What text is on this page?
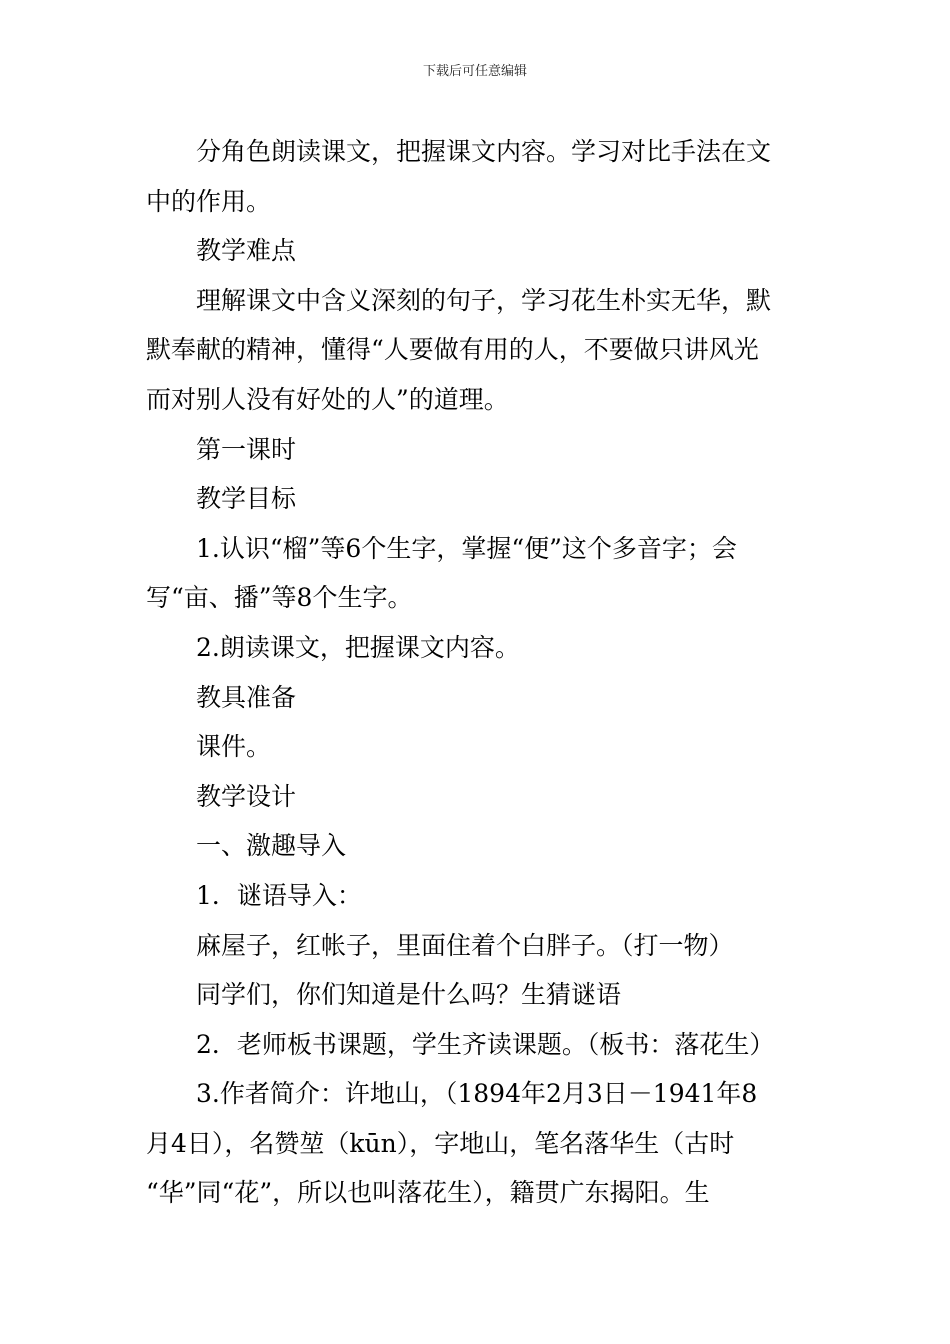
下载后可任意编辑
分角色朗读课文，把握课文内容。学习对比手法在文
中的作用。
教学难点
理解课文中含义深刻的句子，学习花生朴实无华，默
默奉献的精神，懂得“人要做有用的人，不要做只讲风光
而对别人没有好处的人”的道理。
第一课时
教学目标
1.认识“榴”等6个生字，掌握“便”这个多音字；会
写“亩、播”等8个生字。
2.朗读课文，把握课文内容。
教具准备
课件。
教学设计
一、激趣导入
1．谜语导入：
麻屋子，红帐子，里面住着个白胖子。（打一物）
同学们，你们知道是什么吗？生猜谜语
2．老师板书课题，学生齐读课题。（板书：落花生）
3.作者简介：许地山，（1894年2月3日－1941年8
月4日），名赞堃（kūn），字地山，笔名落华生（古时
“华”同“花”，所以也叫落花生），籍贯广东揭阳。生
